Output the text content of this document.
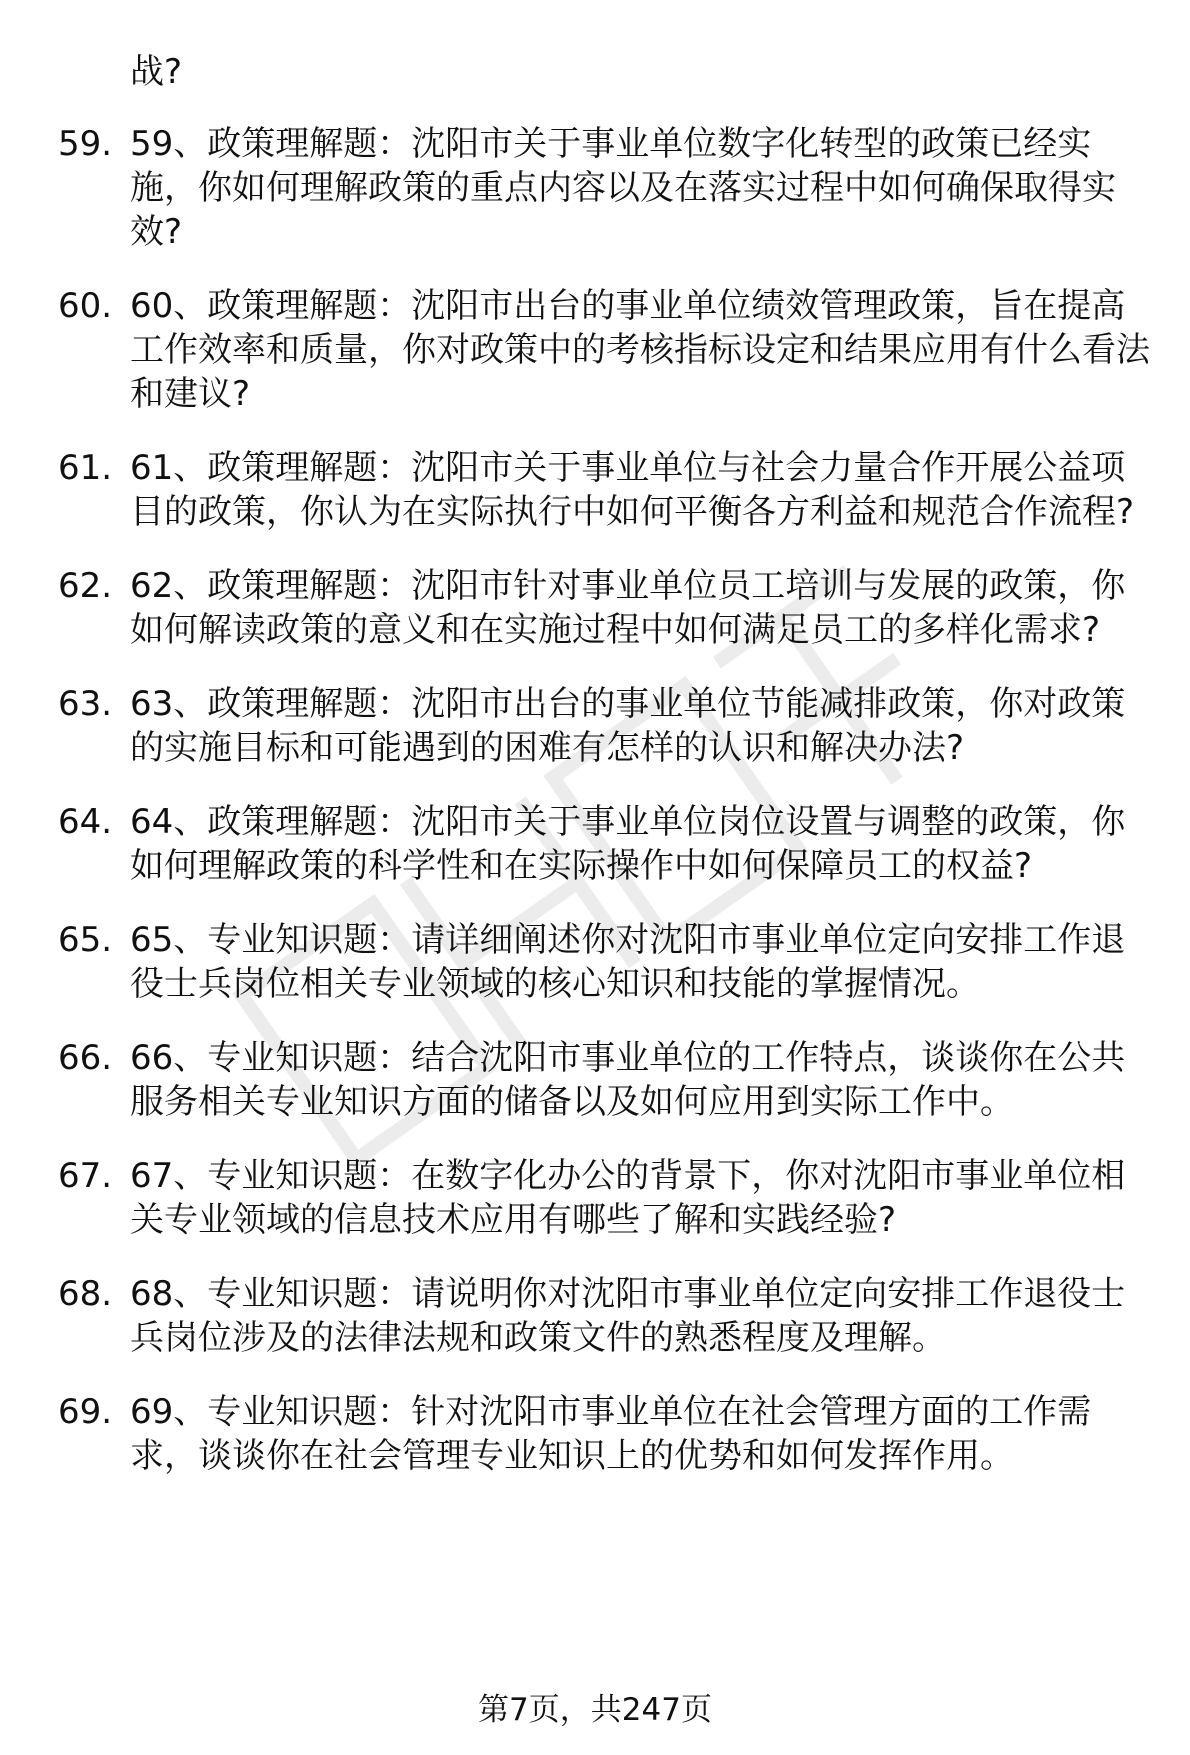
战?

59. 59、政策理解题：沈阳市关于事业单位数字化转型的政策已经实施，你如何理解政策的重点内容以及在落实过程中如何确保取得实效?
60. 60、政策理解题：沈阳市出台的事业单位绩效管理政策，旨在提高工作效率和质量，你对政策中的考核指标设定和结果应用有什么看法和建议?
61. 61、政策理解题：沈阳市关于事业单位与社会力量合作开展公益项目的政策，你认为在实际执行中如何平衡各方利益和规范合作流程?
62. 62、政策理解题：沈阳市针对事业单位员工培训与发展的政策，你如何解读政策的意义和在实施过程中如何满足员工的多样化需求?
63. 63、政策理解题：沈阳市出台的事业单位节能减排政策，你对政策的实施目标和可能遇到的困难有怎样的认识和解决办法?
64. 64、政策理解题：沈阳市关于事业单位岗位设置与调整的政策，你如何理解政策的科学性和在实际操作中如何保障员工的权益?
65. 65、专业知识题：请详细阐述你对沈阳市事业单位定向安排工作退役士兵岗位相关专业领域的核心知识和技能的掌握情况。
66. 66、专业知识题：结合沈阳市事业单位的工作特点，谈谈你在公共服务相关专业知识方面的储备以及如何应用到实际工作中。
67. 67、专业知识题：在数字化办公的背景下，你对沈阳市事业单位相关专业领域的信息技术应用有哪些了解和实践经验?
68. 68、专业知识题：请说明你对沈阳市事业单位定向安排工作退役士兵岗位涉及的法律法规和政策文件的熟悉程度及理解。
69. 69、专业知识题：针对沈阳市事业单位在社会管理方面的工作需求，谈谈你在社会管理专业知识上的优势和如何发挥作用。
第7页，共247页
